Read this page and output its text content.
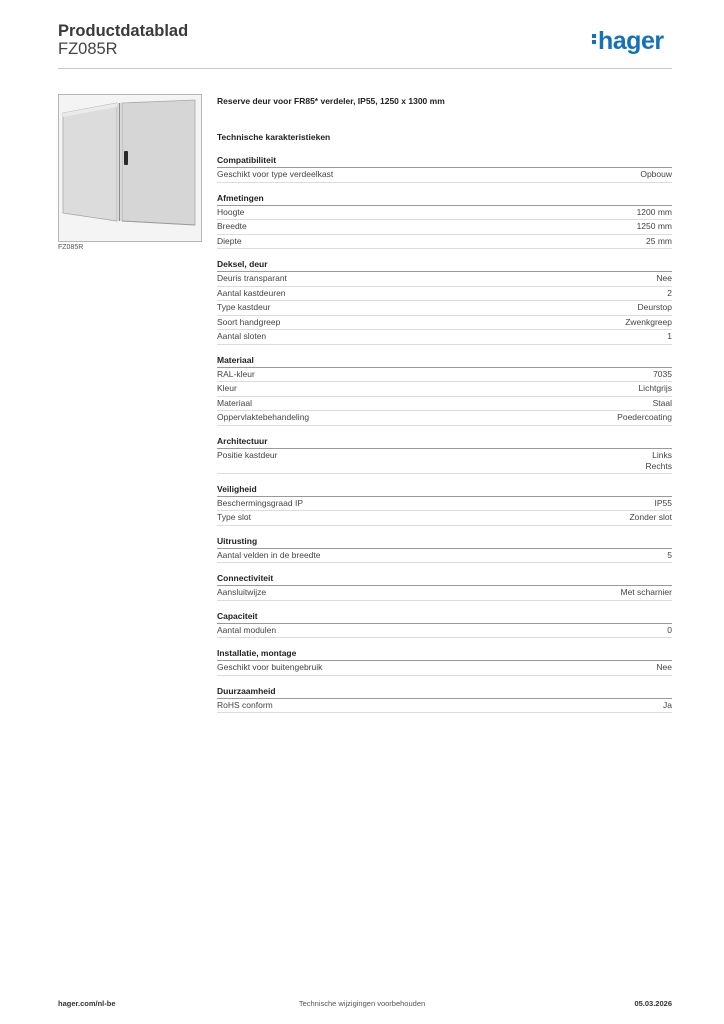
Productdatablad
FZ085R	hager
FZ085R
Reserve deur voor FR85* verdeler, IP55, 1250 x 1300 mm
Technische karakteristieken
Compatibiliteit
Geschikt voor type verdeelkast	Opbouw
Afmetingen
Hoogte	1200 mm
Breedte	1250 mm
Diepte	25 mm
Deksel, deur
Deuris transparant	Nee
Aantal kastdeuren	2
Type kastdeur	Deurstop
Soort handgreep	Zwenkgreep
Aantal sloten	1
Materiaal
RAL-kleur	7035
Kleur	Lichtgrijs
Materiaal	Staal
Oppervlaktebehandeling	Poedercoating
Architectuur
Positie kastdeur	Links
Rechts
Veiligheid
Beschermingsgraad IP	IP55
Type slot	Zonder slot
Uitrusting
Aantal velden in de breedte	5
Connectiviteit
Aansluitwijze	Met scharnier
Capaciteit
Aantal modulen	0
Installatie, montage
Geschikt voor buitengebruik	Nee
Duurzaamheid
RoHS conform	Ja
hager.com/nl-be	Technische wijzigingen voorbehouden	05.03.2026
